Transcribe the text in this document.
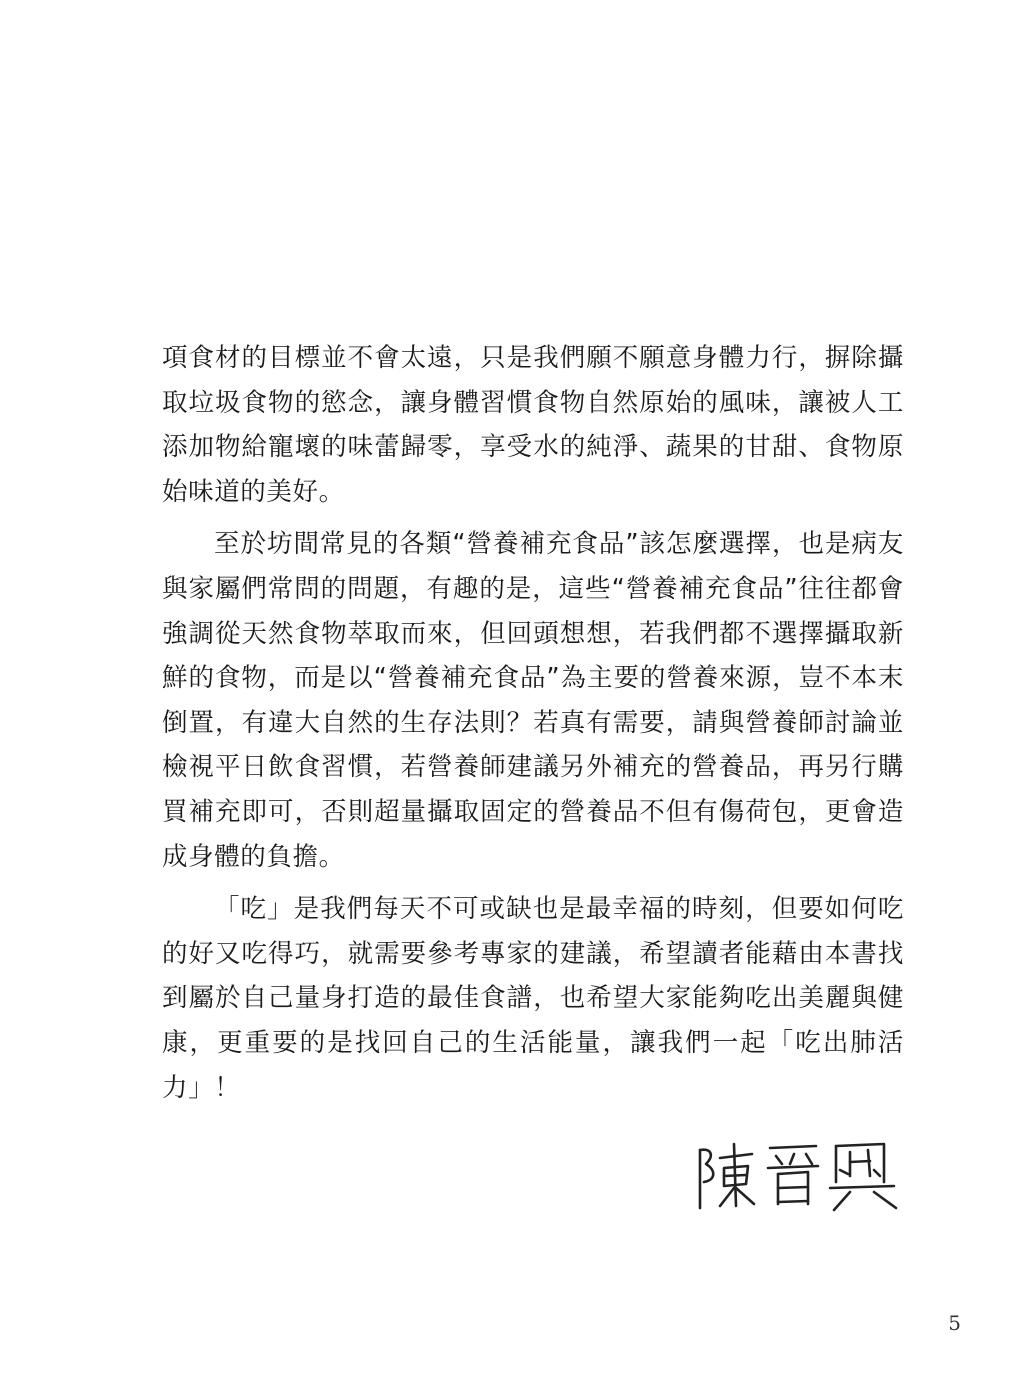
項食材的目標並不會太遠，只是我們願不願意身體力行，摒除攝取垃圾食物的慾念，讓身體習慣食物自然原始的風味，讓被人工添加物給寵壞的味蕾歸零，享受水的純淨、蔬果的甘甜、食物原始味道的美好。

至於坊間常見的各類“營養補充食品”該怎麼選擇，也是病友與家屬們常問的問題，有趣的是，這些“營養補充食品”往往都會強調從天然食物萃取而來，但回頭想想，若我們都不選擇攝取新鮮的食物，而是以“營養補充食品”為主要的營養來源，豈不本末倒置，有違大自然的生存法則？若真有需要，請與營養師討論並檢視平日飲食習慣，若營養師建議另外補充的營養品，再另行購買補充即可，否則超量攝取固定的營養品不但有傷荷包，更會造成身體的負擔。

「吃」是我們每天不可或缺也是最幸福的時刻，但要如何吃的好又吃得巧，就需要參考專家的建議，希望讀者能藉由本書找到屬於自己量身打造的最佳食譜，也希望大家能夠吃出美麗與健康，更重要的是找回自己的生活能量，讓我們一起「吃出肺活力」！

5
